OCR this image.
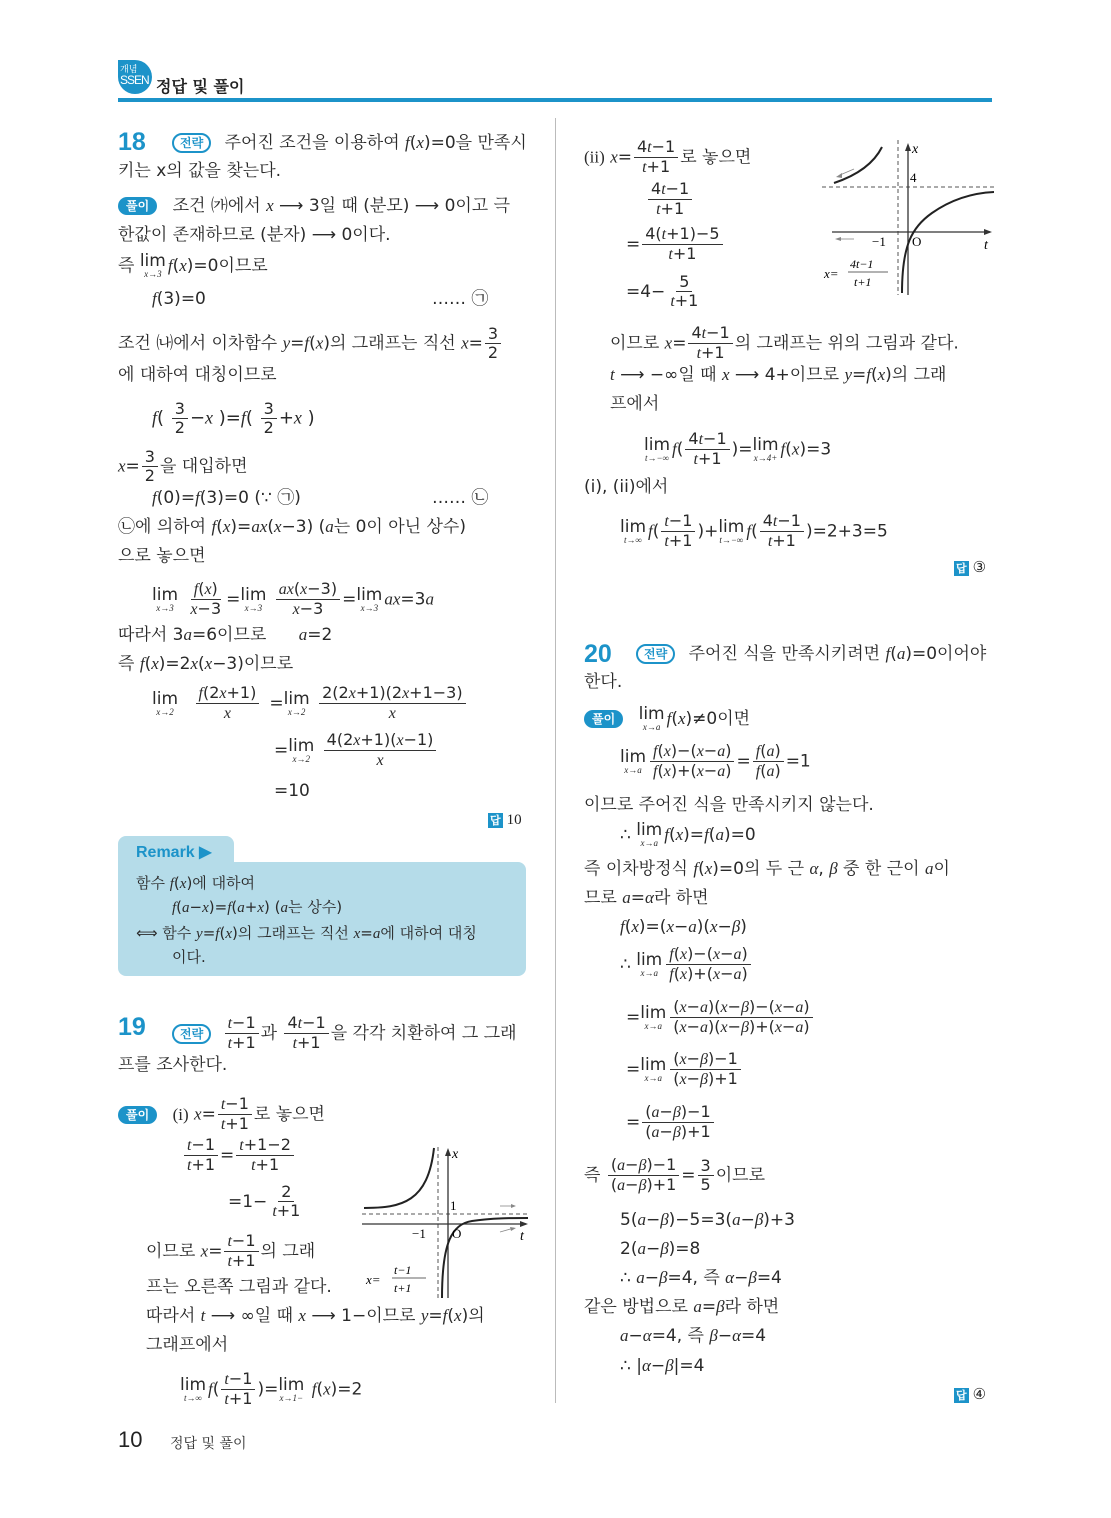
개념
SSEN 정답 및 풀이
18	전략 주어진 조건을 이용하여 f(x)=0을 만족시
키는 x의 값을 찾는다.
풀이 조건 ㈎에서 x ⟶ 3일 때 (분모) ⟶ 0이고 극
한값이 존재하므로 (분자) ⟶ 0이다.
즉 lim
x→3 f(x)=0이므로
f(3)=0	…… ㉠
조건 ㈏에서 이차함수 y=f(x)의 그래프는 직선 $x= \frac{3}{2}$
에 대하여 대칭이므로
$f( \frac{3}{2} -x$ )$=f( \frac{3}{2} +x$ )
$x= \frac{3}{2}$ 을 대입하면
f(0)=f(3)=0 (∵ ㉠)	…… ㉡
㉡에 의하여 f(x)=ax(x−3) (a는 0이 아닌 상수)
으로 놓으면
lim
x→3
$\frac{f(x)}{x-3} = \lim$
x→3
$\frac{ax(x-3)}{x-3} = \lim$
x→3 ax=3a
따라서 3a=6이므로      a=2
즉 f(x)=2x(x−3)이므로
lim
x→2
$\frac{f(2x+1)}{x} = \lim$
x→2
$\frac{2(2x+1)(2x+1-3)}{x}$
= lim
x→2
$\frac{4(2x+1)(x-1)}{x}$
=10
답 10
Remark ▶
함수 f(x)에 대하여
f(a−x)=f(a+x) (a는 상수)
⟺ 함수 y=f(x)의 그래프는 직선 x=a에 대하여 대칭
이다.
19	전략 $\frac{t-1}{t+1}$ 과 $\frac{4t-1}{t+1}$ 을 각각 치환하여 그 그래
프를 조사한다.
풀이 (i) $x= \frac{t-1}{t+1}$ 로 놓으면
$\frac{t-1}{t+1} = \frac{t+1-2}{t+1}$
$=1- \frac{2}{t+1}$
이므로 $x= \frac{t-1}{t+1}$ 의 그래
프는 오른쪽 그림과 같다.
따라서 t ⟶ ∞일 때 x ⟶ 1−이므로 y=f(x)의
그래프에서
lim
t→∞ $f( \frac{t-1}{t+1}$ )= lim
x→1− f(x)=2
x
t
1
−1 O
x=
t−1
t+1
(ii) $x= \frac{4t-1}{t+1}$ 로 놓으면
$\frac{4t-1}{t+1}$
= $\frac{4(t+1)-5}{t+1}$
$=4- \frac{5}{t+1}$
이므로 $x= \frac{4t-1}{t+1}$ 의 그래프는 위의 그림과 같다.
t ⟶ −∞일 때 x ⟶ 4+이므로 y=f(x)의 그래
프에서
lim
t→−∞ $f( \frac{4t-1}{t+1}$ )= lim
x→4+ f(x)=3
(i), (ii)에서
lim
t→∞ $f( \frac{t-1}{t+1}$ )+ lim
t→−∞ $f( \frac{4t-1}{t+1} )=2+3=5$
답 ③
x
t
4
−1 O
x=
4t−1
t+1
20	전략 주어진 식을 만족시키려면 f(a)=0이어야
한다.
풀이 lim
x→a f(x)≠0이면
lim
$x\to a \frac{f(x)-(x-a)}{f(x)+(x-a)} = \frac{f(a)}{f(a)} =1$
이므로 주어진 식을 만족시키지 않는다.
∴ lim
x→a f(x)=f(a)=0
즉 이차방정식 f(x)=0의 두 근 α, β 중 한 근이 a이
므로 a=α라 하면
f(x)=(x−a)(x−β)
∴ lim
$x\to a \frac{f(x)-(x-a)}{f(x)+(x-a)}$
= lim
$x\to a \frac{(x-a)(x-\beta)-(x-a)}{(x-a)(x-\beta)+(x-a)}$
= lim
$x\to a \frac{(x-\beta)-1}{(x-\beta)+1}$
= $\frac{(a-\beta)-1}{(a-\beta)+1}$
즉 $\frac{(a-\beta)-1}{(a-\beta)+1} = \frac{3}{5}$ 이므로
5(a−β)−5=3(a−β)+3
2(a−β)=8
∴ a−β=4, 즉 α−β=4
같은 방법으로 a=β라 하면
a−α=4, 즉 β−α=4
∴ |α−β|=4
답 ④
10 정답 및 풀이
